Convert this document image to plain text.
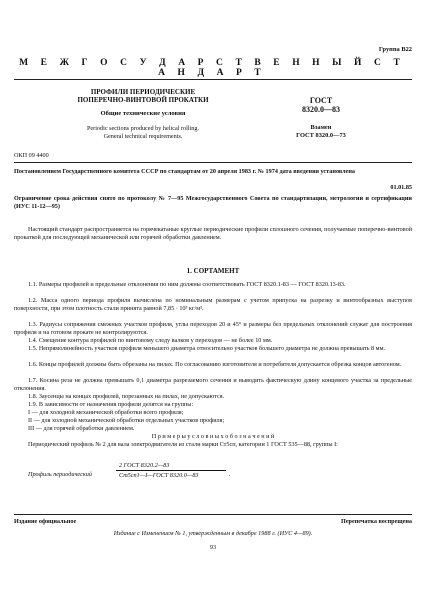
Группа В22
М Е Ж Г О С У Д А Р С Т В Е Н Н Ы Й С Т А Н Д А Р Т
ПРОФИЛИ ПЕРИОДИЧЕСКИЕ
ПОПЕРЕЧНО-ВИНТОВОЙ ПРОКАТКИ
Общие технические условия
Periodic sections produced by helical rolling.
General technical requirements.
ГОСТ
8320.0—83
Взамен
ГОСТ 8320.0—73
ОКП 09 4400
Постановлением Государственного комитета СССР по стандартам от 20 апреля 1983 г. № 1974 дата введения установлена
01.01.85
Ограничение срока действия снято по протоколу № 7—95 Межгосударственного Совета по стандартизации, метрологии и сертификации (ИУС 11-12—95)
Настоящий стандарт распространяется на горячекатаные круглые периодические профили сплошного сечения, получаемые поперечно-винтовой прокаткой для последующей механической или горячей обработки давлением.
1. СОРТАМЕНТ
1.1. Размеры профилей и предельные отклонения по ним должны соответствовать ГОСТ 8320.1-83 — ГОСТ 8320.13-83.
1.2. Масса одного периода профиля вычислена по номинальным размерам с учетом припуска на разрезку и винтообразных выступов поверхности, при этом плотность стали принята равной 7,85 · 10³ кг/м³.
1.3. Радиусы сопряжения смежных участков профиля, углы переходов 20 и 45° и размеры без предельных отклонений служат для построения профиля и на готовом прокате не контролируются.
1.4. Смещение контура профилей по винтовому следу валков у переходов — не более 10 мм.
1.5. Непрямолинейность участков профиля меньшего диаметра относительно участков большего диаметра не должна превышать 8 мм.
1.6. Концы профилей должны быть обрезаны на пилах. По согласованию изготовителя и потребителя допускается обрезка концов автогеном.
1.7. Косина реза не должна превышать 0,1 диаметра разрезаемого сечения и выводить фактическую длину концевого участка за предельные отклонения.
1.8. Заусенцы на концах профилей, порезанных на пилах, не допускаются.
1.9. В зависимости от назначения профили делятся на группы:
I — для холодной механической обработки всего профиля;
II — для холодной механической обработки отдельных участков профиля;
III — для горячей обработки давлением.
П р и м е р ы у с л о в н ы х о б о з н а ч е н и й
Периодический профиль № 2 для вала электродвигателя из стали марки Ст5сп, категории 1 ГОСТ 535—88, группы I:
Профиль периодический
2 ГОСТ 8320.2—83
Ст5сп1—I—ГОСТ 8320.0—83	.
Издание официальное	Перепечатка воспрещена
Издание с Изменением № 1, утвержденным в декабре 1988 г. (ИУС 4—89).
93
